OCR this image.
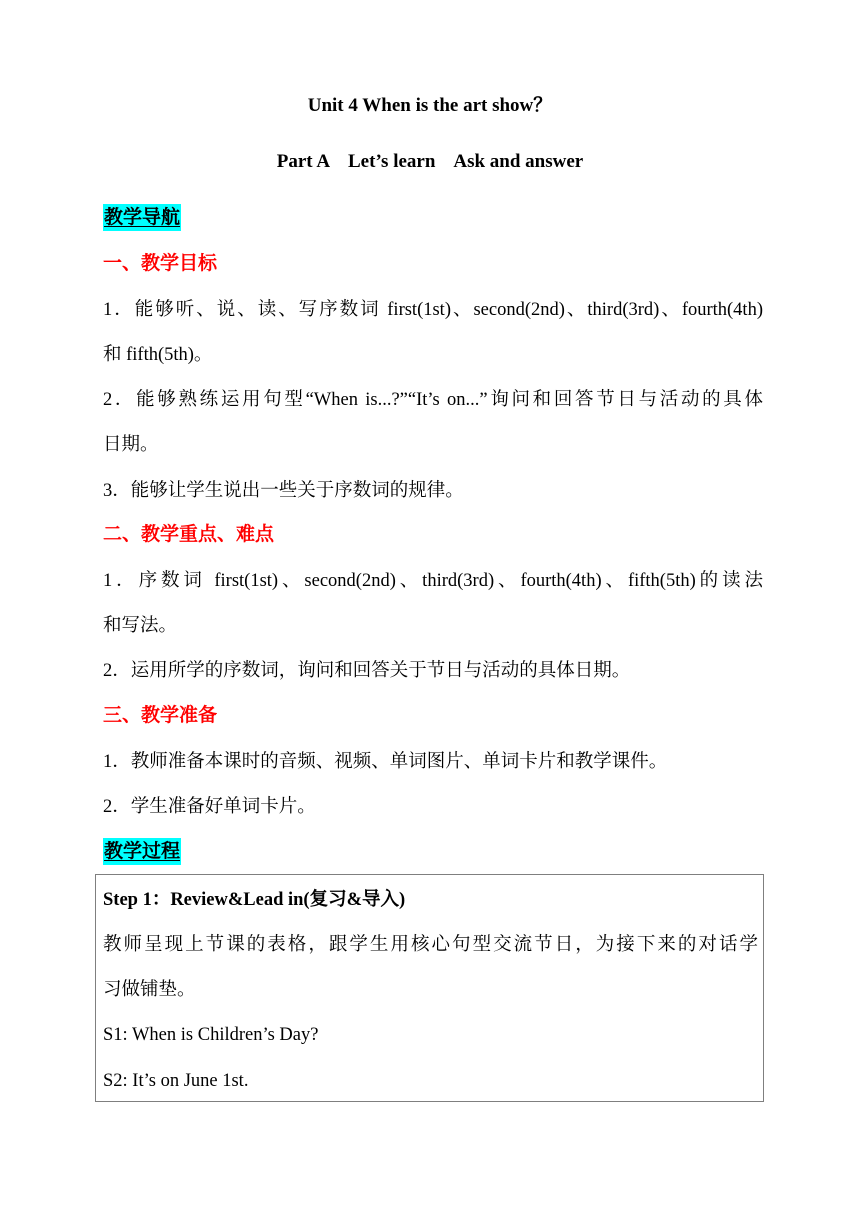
Unit 4 When is the art show？
Part A    Let’s learn    Ask and answer
教学导航
一、教学目标
1．能够听、说、读、写序数词 first(1st)、second(2nd)、third(3rd)、fourth(4th)
和 fifth(5th)。
2．能够熟练运用句型“When is...?”“It’s on...”询问和回答节日与活动的具体
日期。
3．能够让学生说出一些关于序数词的规律。
二、教学重点、难点
1．序数词 first(1st)、second(2nd)、third(3rd)、fourth(4th)、fifth(5th)的读法
和写法。
2．运用所学的序数词，询问和回答关于节日与活动的具体日期。
三、教学准备
1．教师准备本课时的音频、视频、单词图片、单词卡片和教学课件。
2．学生准备好单词卡片。
教学过程
Step 1：Review&Lead in(复习&导入)
教师呈现上节课的表格，跟学生用核心句型交流节日，为接下来的对话学
习做铺垫。
S1: When is Children’s Day?
S2: It’s on June 1st.
